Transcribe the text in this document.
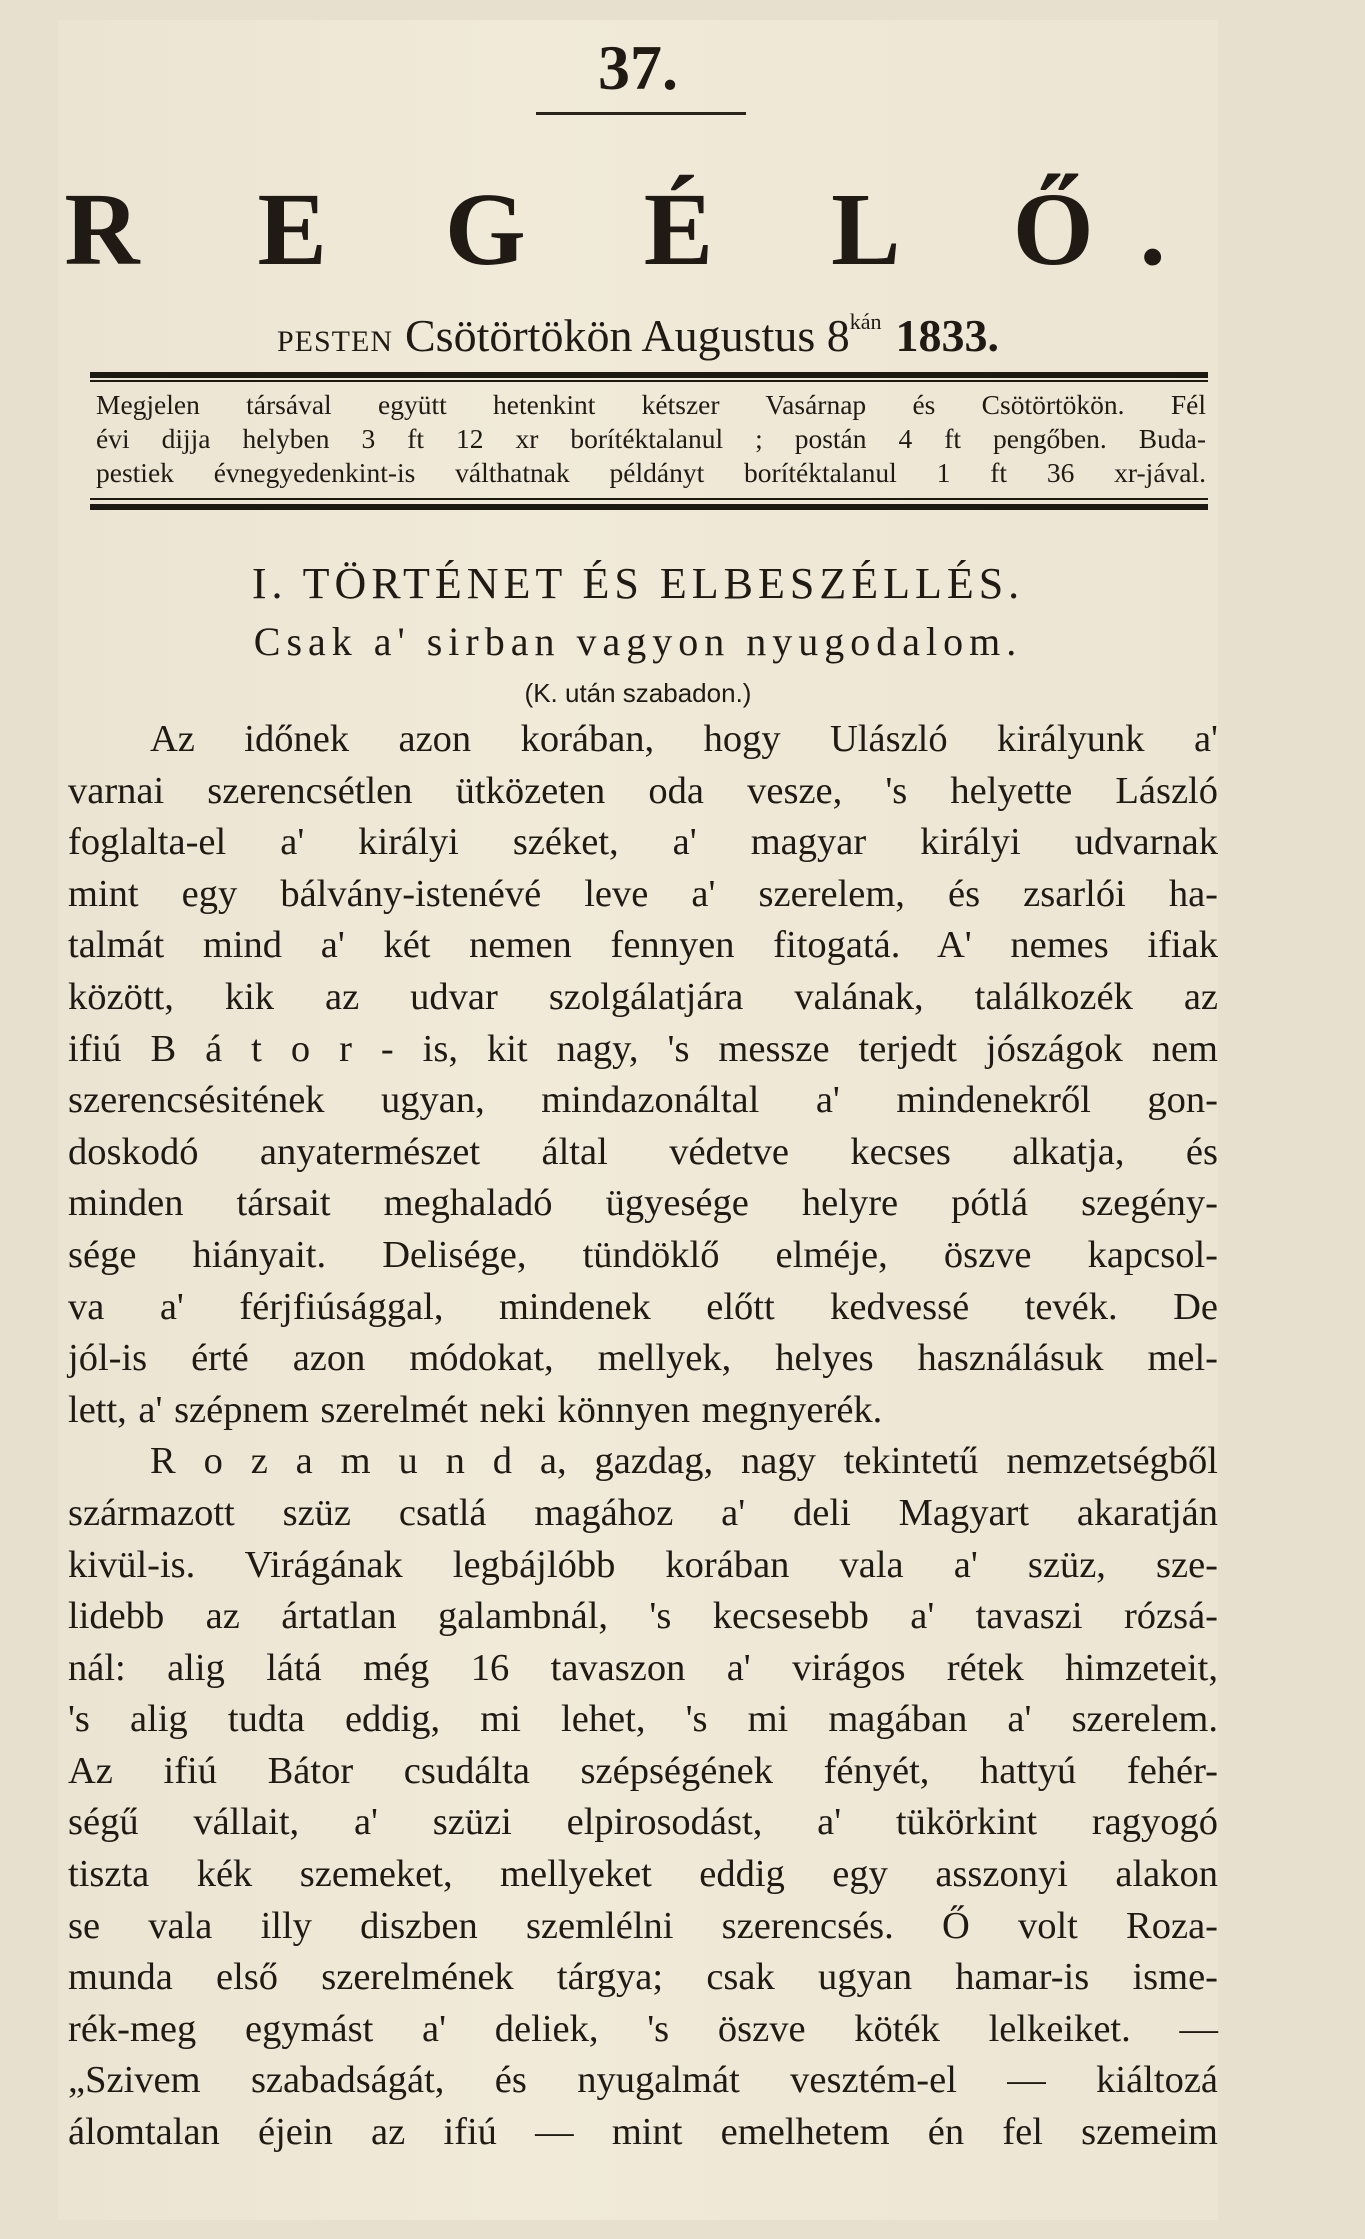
37.
R E G É L Ő.
PESTEN Csötörtökön Augustus $8^{kán}$ 1833.
Megjelen társával együtt hetenkint kétszer Vasárnap és Csötörtökön. Fél
évi dijja helyben 3 ft 12 xr borítéktalanul ; postán 4 ft pengőben. Buda-
pestiek évnegyedenkint-is válthatnak példányt borítéktalanul 1 ft 36 xr-jával.
I. TÖRTÉNET ÉS ELBESZÉLLÉS.
Csak a' sirban vagyon nyugodalom.
(K. után szabadon.)
Az időnek azon korában, hogy Ulászló királyunk a'
varnai szerencsétlen ütközeten oda vesze, 's helyette László
foglalta-el a' királyi széket, a' magyar királyi udvarnak
mint egy bálvány-istenévé leve a' szerelem, és zsarlói ha-
talmát mind a' két nemen fennyen fitogatá. A' nemes ifiak
között, kik az udvar szolgálatjára valának, találkozék az
ifiú B á t o r - is, kit nagy, 's messze terjedt jószágok nem
szerencsésitének ugyan, mindazonáltal a' mindenekről gon-
doskodó anyatermészet által védetve kecses alkatja, és
minden társait meghaladó ügyesége helyre pótlá szegény-
sége hiányait. Delisége, tündöklő elméje, öszve kapcsol-
va a' férjfiúsággal, mindenek előtt kedvessé tevék. De
jól-is érté azon módokat, mellyek, helyes használásuk mel-
lett, a' szépnem szerelmét neki könnyen megnyerék.
R o z a m u n d a, gazdag, nagy tekintetű nemzetségből
származott szüz csatlá magához a' deli Magyart akaratján
kivül-is. Virágának legbájlóbb korában vala a' szüz, sze-
lidebb az ártatlan galambnál, 's kecsesebb a' tavaszi rózsá-
nál: alig látá még 16 tavaszon a' virágos rétek himzeteit,
's alig tudta eddig, mi lehet, 's mi magában a' szerelem.
Az ifiú Bátor csudálta szépségének fényét, hattyú fehér-
ségű vállait, a' szüzi elpirosodást, a' tükörkint ragyogó
tiszta kék szemeket, mellyeket eddig egy asszonyi alakon
se vala illy diszben szemlélni szerencsés. Ő volt Roza-
munda első szerelmének tárgya; csak ugyan hamar-is isme-
rék-meg egymást a' deliek, 's öszve köték lelkeiket. —
„Szivem szabadságát, és nyugalmát vesztém-el — kiáltozá
álomtalan éjein az ifiú — mint emelhetem én fel szemeim
